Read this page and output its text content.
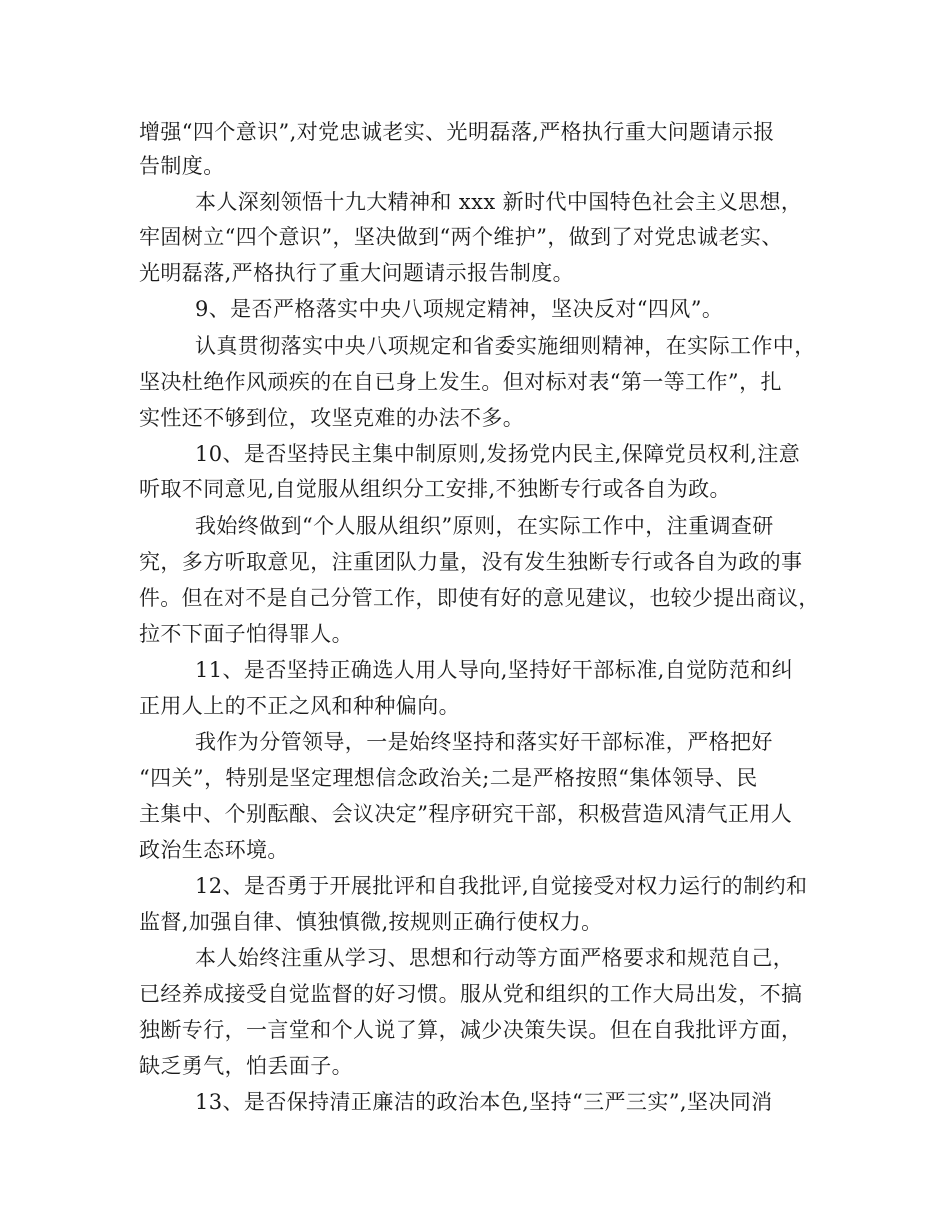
增强“四个意识”,对党忠诚老实、光明磊落,严格执行重大问题请示报
告制度。
本人深刻领悟十九大精神和 xxx 新时代中国特色社会主义思想，
牢固树立“四个意识”，坚决做到“两个维护”，做到了对党忠诚老实、
光明磊落,严格执行了重大问题请示报告制度。
9、是否严格落实中央八项规定精神，坚决反对“四风”。
认真贯彻落实中央八项规定和省委实施细则精神，在实际工作中，
坚决杜绝作风顽疾的在自已身上发生。但对标对表“第一等工作”，扎
实性还不够到位，攻坚克难的办法不多。
10、是否坚持民主集中制原则,发扬党内民主,保障党员权利,注意
听取不同意见,自觉服从组织分工安排,不独断专行或各自为政。
我始终做到“个人服从组织”原则，在实际工作中，注重调查研
究，多方听取意见，注重团队力量，没有发生独断专行或各自为政的事
件。但在对不是自己分管工作，即使有好的意见建议，也较少提出商议，
拉不下面子怕得罪人。
11、是否坚持正确选人用人导向,坚持好干部标准,自觉防范和纠
正用人上的不正之风和种种偏向。
我作为分管领导，一是始终坚持和落实好干部标准，严格把好
“四关”，特别是坚定理想信念政治关;二是严格按照“集体领导、民
主集中、个别酝酿、会议决定”程序研究干部，积极营造风清气正用人
政治生态环境。
12、是否勇于开展批评和自我批评,自觉接受对权力运行的制约和
监督,加强自律、慎独慎微,按规则正确行使权力。
本人始终注重从学习、思想和行动等方面严格要求和规范自己，
已经养成接受自觉监督的好习惯。服从党和组织的工作大局出发，不搞
独断专行，一言堂和个人说了算，减少决策失误。但在自我批评方面，
缺乏勇气，怕丢面子。
13、是否保持清正廉洁的政治本色,坚持“三严三实”,坚决同消
